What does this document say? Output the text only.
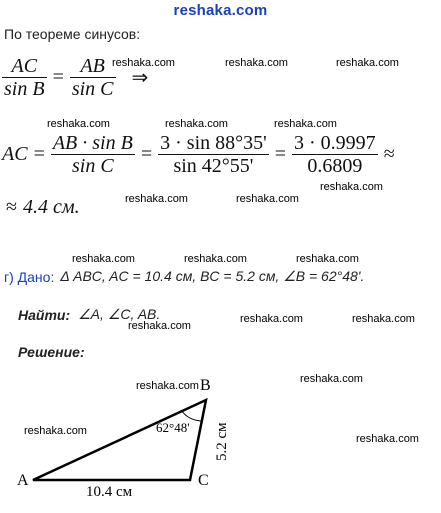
reshaka.com
По теореме синусов:
$\frac{AC}{\text{sin B}} = \frac{AB}{\text{sin C}}$ ⇒
AC = $\frac{\text{AB · sin B}}{\text{sin C}} = \frac{3 \cdot \sin 88^\circ 35'}{\sin 42^\circ 55'} = \frac{3 \cdot 0.9997}{0.6809}$ ≈
≈ 4.4 см.
г) Дано: Δ ABC, AC = 10.4 см, BC = 5.2 см, ∠B = 62°48'.
Найти: ∠A, ∠C, AB.
Решение:
A
B
C
62°48'
10.4 см
5.2 см
reshaka.com	reshaka.com	reshaka.com
reshaka.com	reshaka.com	reshaka.com
reshaka.com
reshaka.com	reshaka.com
reshaka.com	reshaka.com	reshaka.com
reshaka.com
reshaka.com	reshaka.com
reshaka.com
reshaka.com
reshaka.com
reshaka.com
